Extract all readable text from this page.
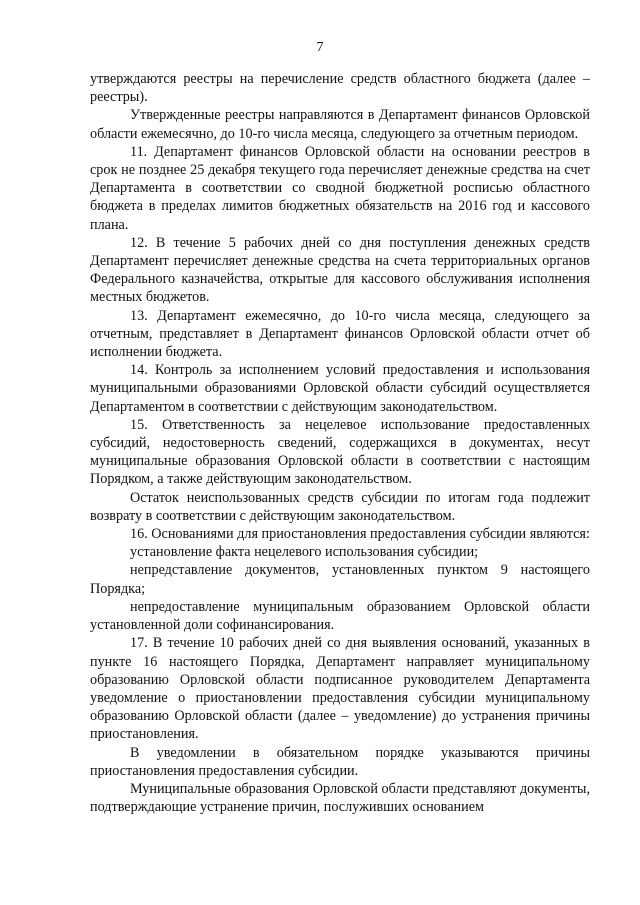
7

утверждаются реестры на перечисление средств областного бюджета (далее – реестры).

Утвержденные реестры направляются в Департамент финансов Орловской области ежемесячно, до 10-го числа месяца, следующего за отчетным периодом.

11. Департамент финансов Орловской области на основании реестров в срок не позднее 25 декабря текущего года перечисляет денежные средства на счет Департамента в соответствии со сводной бюджетной росписью областного бюджета в пределах лимитов бюджетных обязательств на 2016 год и кассового плана.

12. В течение 5 рабочих дней со дня поступления денежных средств Департамент перечисляет денежные средства на счета территориальных органов Федерального казначейства, открытые для кассового обслуживания исполнения местных бюджетов.

13. Департамент ежемесячно, до 10-го числа месяца, следующего за отчетным, представляет в Департамент финансов Орловской области отчет об исполнении бюджета.

14. Контроль за исполнением условий предоставления и использования муниципальными образованиями Орловской области субсидий осуществляется Департаментом в соответствии с действующим законодательством.

15. Ответственность за нецелевое использование предоставленных субсидий, недостоверность сведений, содержащихся в документах, несут муниципальные образования Орловской области в соответствии с настоящим Порядком, а также действующим законодательством.

Остаток неиспользованных средств субсидии по итогам года подлежит возврату в соответствии с действующим законодательством.

16. Основаниями для приостановления предоставления субсидии являются:

установление факта нецелевого использования субсидии;

непредставление документов, установленных пунктом 9 настоящего Порядка;

непредоставление муниципальным образованием Орловской области установленной доли софинансирования.

17. В течение 10 рабочих дней со дня выявления оснований, указанных в пункте 16 настоящего Порядка, Департамент направляет муниципальному образованию Орловской области подписанное руководителем Департамента уведомление о приостановлении предоставления субсидии муниципальному образованию Орловской области (далее – уведомление) до устранения причины приостановления.

В уведомлении в обязательном порядке указываются причины приостановления предоставления субсидии.

Муниципальные образования Орловской области представляют документы, подтверждающие устранение причин, послуживших основанием
